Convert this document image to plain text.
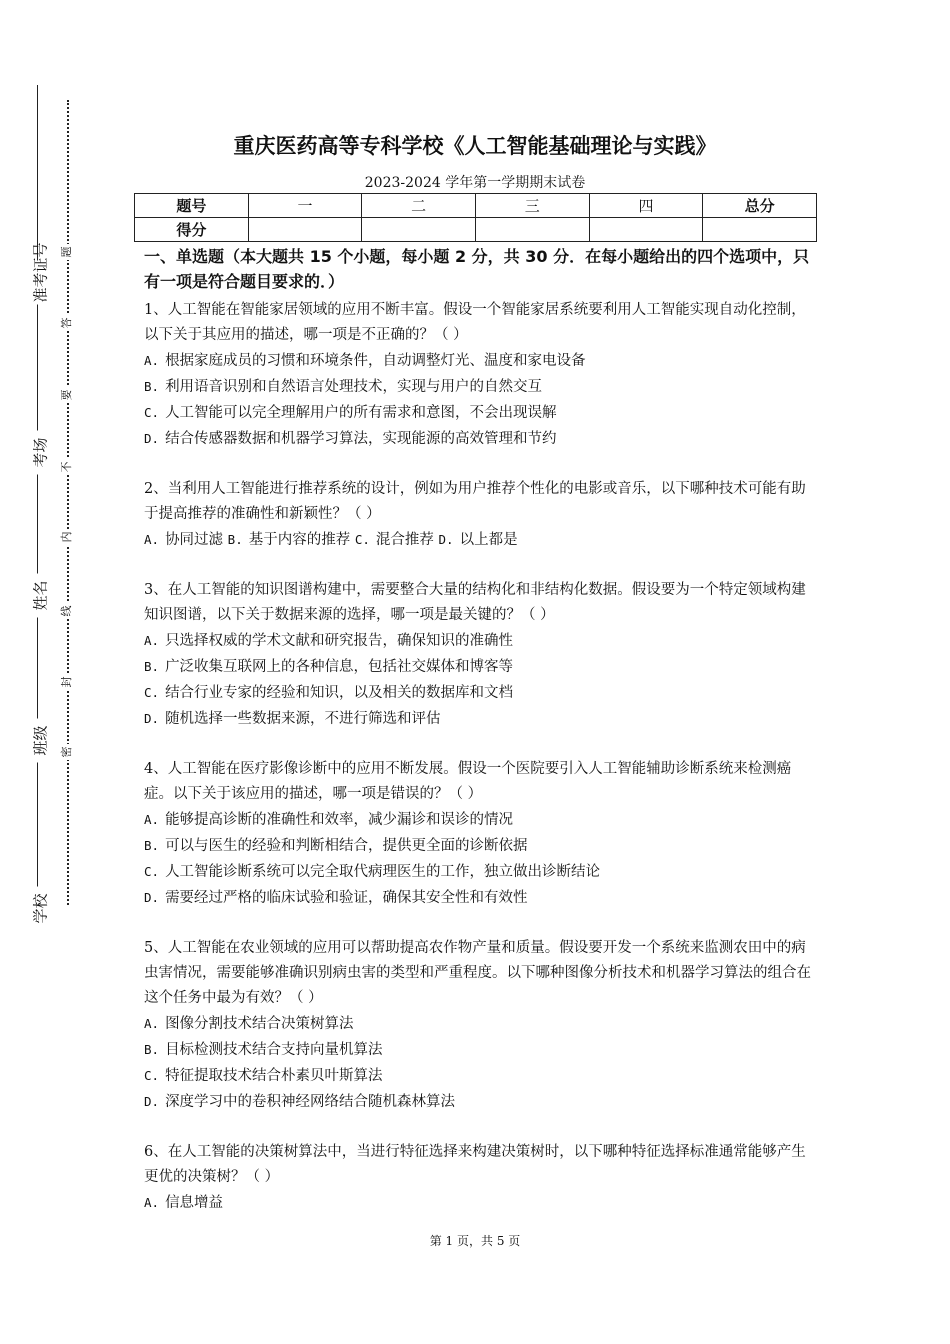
准考证号
考场
姓名
班级
学校
题
答
要
不
内
线
封
密
重庆医药高等专科学校《人工智能基础理论与实践》
2023-2024 学年第一学期期末试卷
题号	一	二	三	四	总分
得分					
一、单选题（本大题共 15 个小题，每小题 2 分，共 30 分．在每小题给出的四个选项中，只有一项是符合题目要求的．）
1、人工智能在智能家居领域的应用不断丰富。假设一个智能家居系统要利用人工智能实现自动化控制，以下关于其应用的描述，哪一项是不正确的？（ ）
A. 根据家庭成员的习惯和环境条件，自动调整灯光、温度和家电设备
B. 利用语音识别和自然语言处理技术，实现与用户的自然交互
C. 人工智能可以完全理解用户的所有需求和意图，不会出现误解
D. 结合传感器数据和机器学习算法，实现能源的高效管理和节约
2、当利用人工智能进行推荐系统的设计，例如为用户推荐个性化的电影或音乐，以下哪种技术可能有助于提高推荐的准确性和新颖性？（ ）
A. 协同过滤 B. 基于内容的推荐 C. 混合推荐 D. 以上都是
3、在人工智能的知识图谱构建中，需要整合大量的结构化和非结构化数据。假设要为一个特定领域构建知识图谱，以下关于数据来源的选择，哪一项是最关键的？（ ）
A. 只选择权威的学术文献和研究报告，确保知识的准确性
B. 广泛收集互联网上的各种信息，包括社交媒体和博客等
C. 结合行业专家的经验和知识，以及相关的数据库和文档
D. 随机选择一些数据来源，不进行筛选和评估
4、人工智能在医疗影像诊断中的应用不断发展。假设一个医院要引入人工智能辅助诊断系统来检测癌症。以下关于该应用的描述，哪一项是错误的？（ ）
A. 能够提高诊断的准确性和效率，减少漏诊和误诊的情况
B. 可以与医生的经验和判断相结合，提供更全面的诊断依据
C. 人工智能诊断系统可以完全取代病理医生的工作，独立做出诊断结论
D. 需要经过严格的临床试验和验证，确保其安全性和有效性
5、人工智能在农业领域的应用可以帮助提高农作物产量和质量。假设要开发一个系统来监测农田中的病虫害情况，需要能够准确识别病虫害的类型和严重程度。以下哪种图像分析技术和机器学习算法的组合在这个任务中最为有效？（ ）
A. 图像分割技术结合决策树算法
B. 目标检测技术结合支持向量机算法
C. 特征提取技术结合朴素贝叶斯算法
D. 深度学习中的卷积神经网络结合随机森林算法
6、在人工智能的决策树算法中，当进行特征选择来构建决策树时，以下哪种特征选择标准通常能够产生更优的决策树？（ ）
A. 信息增益
第 1 页，共 5 页
